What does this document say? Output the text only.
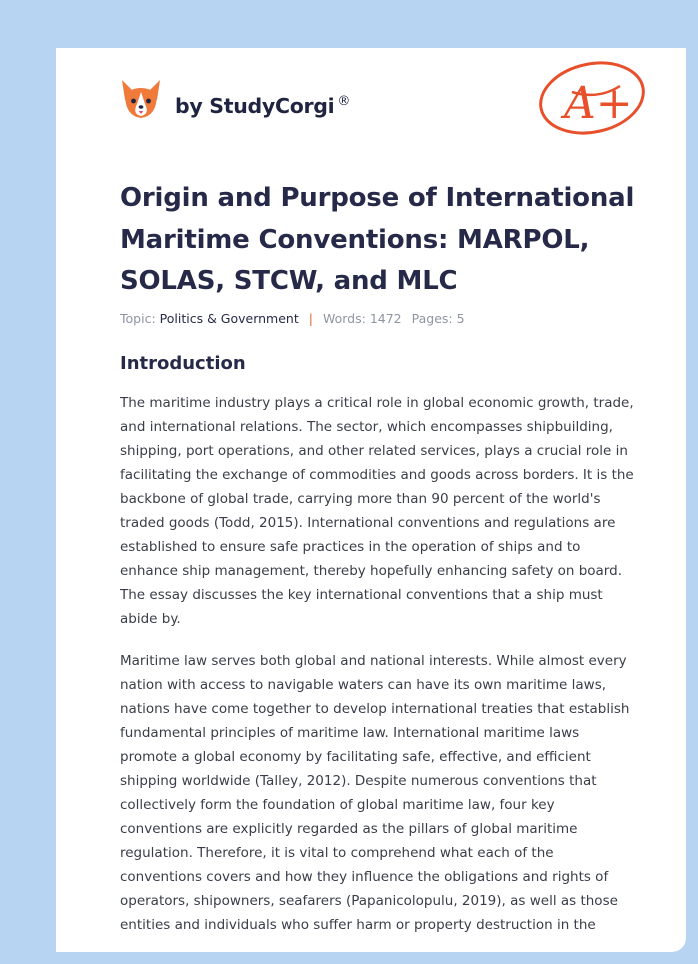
by StudyCorgi ®	A+
Origin and Purpose of International Maritime Conventions: MARPOL, SOLAS, STCW, and MLC
Topic: Politics & Government | Words: 1472 Pages: 5
Introduction

The maritime industry plays a critical role in global economic growth, trade, and international relations. The sector, which encompasses shipbuilding, shipping, port operations, and other related services, plays a crucial role in facilitating the exchange of commodities and goods across borders. It is the backbone of global trade, carrying more than 90 percent of the world's traded goods (Todd, 2015). International conventions and regulations are established to ensure safe practices in the operation of ships and to enhance ship management, thereby hopefully enhancing safety on board. The essay discusses the key international conventions that a ship must abide by.

Maritime law serves both global and national interests. While almost every nation with access to navigable waters can have its own maritime laws, nations have come together to develop international treaties that establish fundamental principles of maritime law. International maritime laws promote a global economy by facilitating safe, effective, and efficient shipping worldwide (Talley, 2012). Despite numerous conventions that collectively form the foundation of global maritime law, four key conventions are explicitly regarded as the pillars of global maritime regulation. Therefore, it is vital to comprehend what each of the conventions covers and how they influence the obligations and rights of operators, shipowners, seafarers (Papanicolopulu, 2019), as well as those entities and individuals who suffer harm or property destruction in the
